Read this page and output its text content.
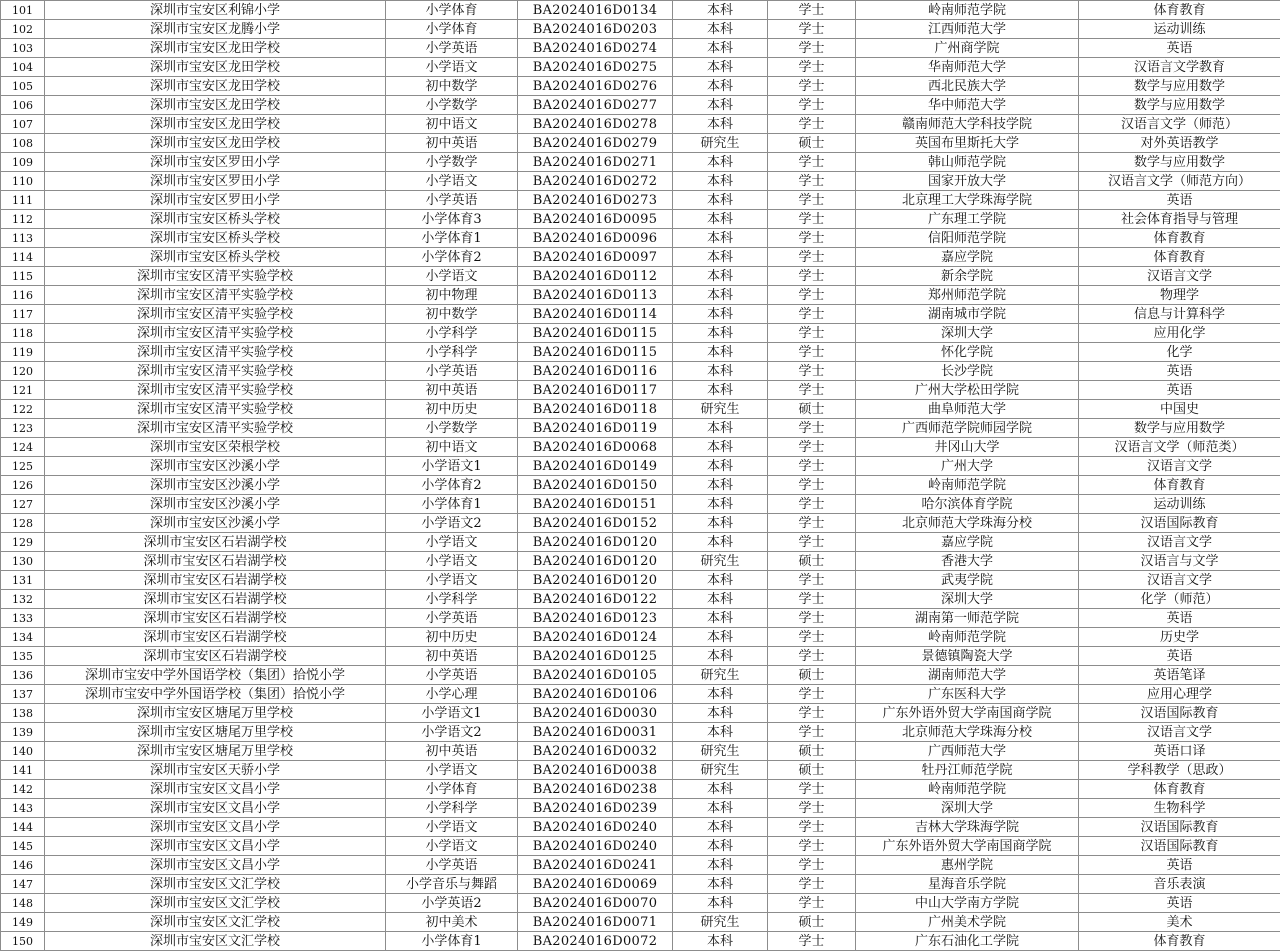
101	深圳市宝安区利锦小学	小学体育	BA2024016D0134	本科	学士	岭南师范学院	体育教育
102	深圳市宝安区龙腾小学	小学体育	BA2024016D0203	本科	学士	江西师范大学	运动训练
103	深圳市宝安区龙田学校	小学英语	BA2024016D0274	本科	学士	广州商学院	英语
104	深圳市宝安区龙田学校	小学语文	BA2024016D0275	本科	学士	华南师范大学	汉语言文学教育
105	深圳市宝安区龙田学校	初中数学	BA2024016D0276	本科	学士	西北民族大学	数学与应用数学
106	深圳市宝安区龙田学校	小学数学	BA2024016D0277	本科	学士	华中师范大学	数学与应用数学
107	深圳市宝安区龙田学校	初中语文	BA2024016D0278	本科	学士	赣南师范大学科技学院	汉语言文学（师范）
108	深圳市宝安区龙田学校	初中英语	BA2024016D0279	研究生	硕士	英国布里斯托大学	对外英语教学
109	深圳市宝安区罗田小学	小学数学	BA2024016D0271	本科	学士	韩山师范学院	数学与应用数学
110	深圳市宝安区罗田小学	小学语文	BA2024016D0272	本科	学士	国家开放大学	汉语言文学（师范方向）
111	深圳市宝安区罗田小学	小学英语	BA2024016D0273	本科	学士	北京理工大学珠海学院	英语
112	深圳市宝安区桥头学校	小学体育3	BA2024016D0095	本科	学士	广东理工学院	社会体育指导与管理
113	深圳市宝安区桥头学校	小学体育1	BA2024016D0096	本科	学士	信阳师范学院	体育教育
114	深圳市宝安区桥头学校	小学体育2	BA2024016D0097	本科	学士	嘉应学院	体育教育
115	深圳市宝安区清平实验学校	小学语文	BA2024016D0112	本科	学士	新余学院	汉语言文学
116	深圳市宝安区清平实验学校	初中物理	BA2024016D0113	本科	学士	郑州师范学院	物理学
117	深圳市宝安区清平实验学校	初中数学	BA2024016D0114	本科	学士	湖南城市学院	信息与计算科学
118	深圳市宝安区清平实验学校	小学科学	BA2024016D0115	本科	学士	深圳大学	应用化学
119	深圳市宝安区清平实验学校	小学科学	BA2024016D0115	本科	学士	怀化学院	化学
120	深圳市宝安区清平实验学校	小学英语	BA2024016D0116	本科	学士	长沙学院	英语
121	深圳市宝安区清平实验学校	初中英语	BA2024016D0117	本科	学士	广州大学松田学院	英语
122	深圳市宝安区清平实验学校	初中历史	BA2024016D0118	研究生	硕士	曲阜师范大学	中国史
123	深圳市宝安区清平实验学校	小学数学	BA2024016D0119	本科	学士	广西师范学院师园学院	数学与应用数学
124	深圳市宝安区荣根学校	初中语文	BA2024016D0068	本科	学士	井冈山大学	汉语言文学（师范类）
125	深圳市宝安区沙溪小学	小学语文1	BA2024016D0149	本科	学士	广州大学	汉语言文学
126	深圳市宝安区沙溪小学	小学体育2	BA2024016D0150	本科	学士	岭南师范学院	体育教育
127	深圳市宝安区沙溪小学	小学体育1	BA2024016D0151	本科	学士	哈尔滨体育学院	运动训练
128	深圳市宝安区沙溪小学	小学语文2	BA2024016D0152	本科	学士	北京师范大学珠海分校	汉语国际教育
129	深圳市宝安区石岩湖学校	小学语文	BA2024016D0120	本科	学士	嘉应学院	汉语言文学
130	深圳市宝安区石岩湖学校	小学语文	BA2024016D0120	研究生	硕士	香港大学	汉语言与文学
131	深圳市宝安区石岩湖学校	小学语文	BA2024016D0120	本科	学士	武夷学院	汉语言文学
132	深圳市宝安区石岩湖学校	小学科学	BA2024016D0122	本科	学士	深圳大学	化学（师范）
133	深圳市宝安区石岩湖学校	小学英语	BA2024016D0123	本科	学士	湖南第一师范学院	英语
134	深圳市宝安区石岩湖学校	初中历史	BA2024016D0124	本科	学士	岭南师范学院	历史学
135	深圳市宝安区石岩湖学校	初中英语	BA2024016D0125	本科	学士	景德镇陶瓷大学	英语
136	深圳市宝安中学外国语学校（集团）拾悦小学	小学英语	BA2024016D0105	研究生	硕士	湖南师范大学	英语笔译
137	深圳市宝安中学外国语学校（集团）拾悦小学	小学心理	BA2024016D0106	本科	学士	广东医科大学	应用心理学
138	深圳市宝安区塘尾万里学校	小学语文1	BA2024016D0030	本科	学士	广东外语外贸大学南国商学院	汉语国际教育
139	深圳市宝安区塘尾万里学校	小学语文2	BA2024016D0031	本科	学士	北京师范大学珠海分校	汉语言文学
140	深圳市宝安区塘尾万里学校	初中英语	BA2024016D0032	研究生	硕士	广西师范大学	英语口译
141	深圳市宝安区天骄小学	小学语文	BA2024016D0038	研究生	硕士	牡丹江师范学院	学科教学（思政）
142	深圳市宝安区文昌小学	小学体育	BA2024016D0238	本科	学士	岭南师范学院	体育教育
143	深圳市宝安区文昌小学	小学科学	BA2024016D0239	本科	学士	深圳大学	生物科学
144	深圳市宝安区文昌小学	小学语文	BA2024016D0240	本科	学士	吉林大学珠海学院	汉语国际教育
145	深圳市宝安区文昌小学	小学语文	BA2024016D0240	本科	学士	广东外语外贸大学南国商学院	汉语国际教育
146	深圳市宝安区文昌小学	小学英语	BA2024016D0241	本科	学士	惠州学院	英语
147	深圳市宝安区文汇学校	小学音乐与舞蹈	BA2024016D0069	本科	学士	星海音乐学院	音乐表演
148	深圳市宝安区文汇学校	小学英语2	BA2024016D0070	本科	学士	中山大学南方学院	英语
149	深圳市宝安区文汇学校	初中美术	BA2024016D0071	研究生	硕士	广州美术学院	美术
150	深圳市宝安区文汇学校	小学体育1	BA2024016D0072	本科	学士	广东石油化工学院	体育教育
